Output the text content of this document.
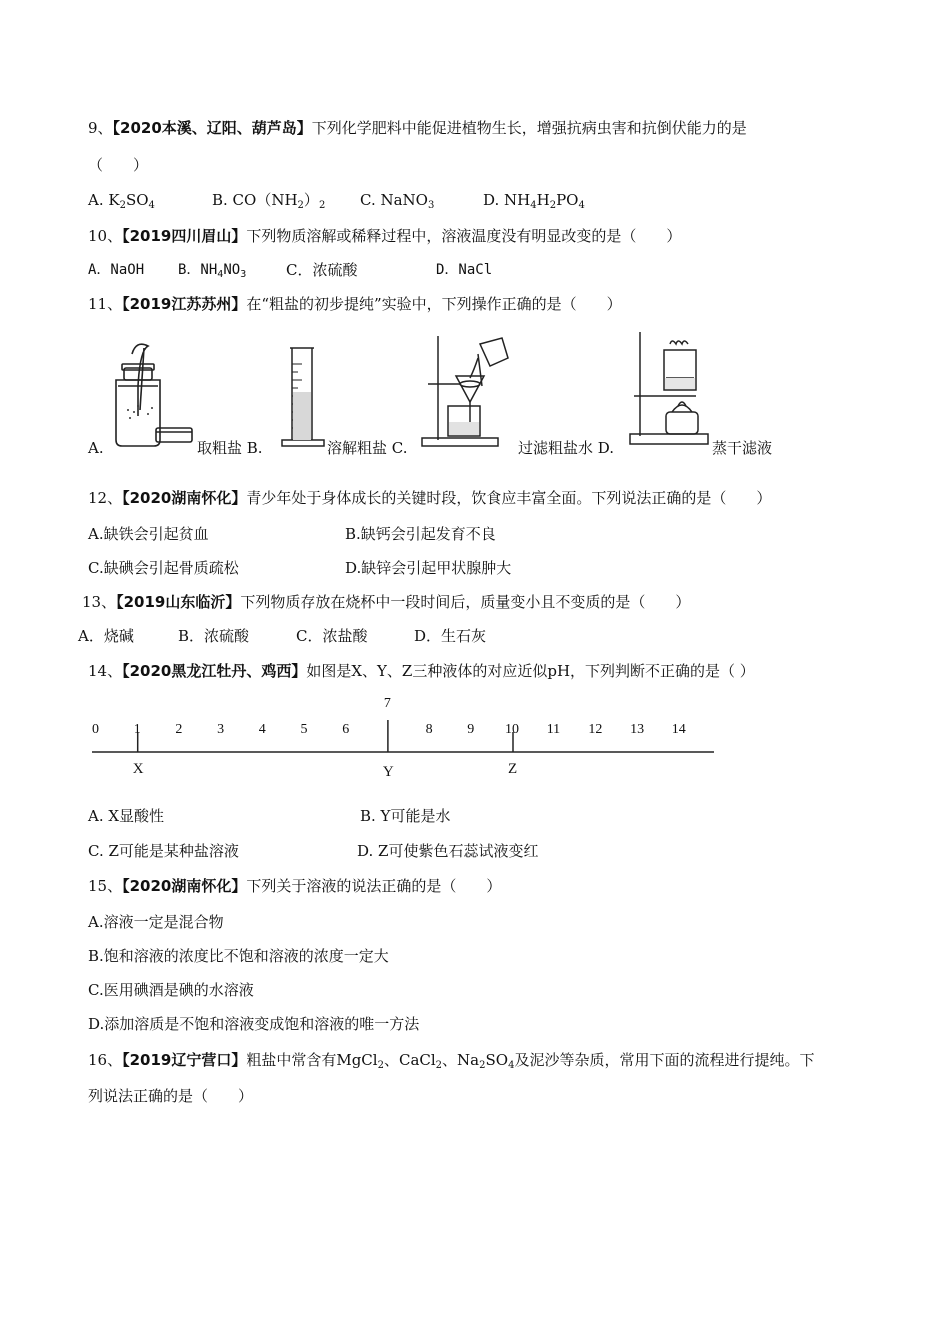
9、【2020本溪、辽阳、葫芦岛】下列化学肥料中能促进植物生长，增强抗病虫害和抗倒伏能力的是
（　　）
A. $K_2SO_4$	B. $CO(NH_2)_2$ C. NaNO$_3$	D. $NH_4H_2PO_4$
10、【2019四川眉山】下列物质溶解或稀释过程中，溶液温度没有明显改变的是（　　）
A．NaOH B．$NH_4NO_3$	C．浓硫酸	D．NaCl
11、【2019江苏苏州】在“粗盐的初步提纯”实验中，下列操作正确的是（　　）
A.	取粗盐 B.	溶解粗盐 C.	过滤粗盐水 D.	蒸干滤液
12、【2020湖南怀化】青少年处于身体成长的关键时段，饮食应丰富全面。下列说法正确的是（　　）
A.缺铁会引起贫血	B.缺钙会引起发育不良
C.缺碘会引起骨质疏松	D.缺锌会引起甲状腺肿大
13、【2019山东临沂】下列物质存放在烧杯中一段时间后，质量变小且不变质的是（　　）
A．烧碱	B．浓硫酸	C．浓盐酸	D．生石灰
14、【2020黑龙江牡丹、鸡西】如图是X、Y、Z三种液体的对应近似pH，下列判断不正确的是（ ）
0 1 2 3 4 5 6
7
8 9 10 11 12 13 14
X	Y	Z
A. X显酸性	B. Y可能是水
C. Z可能是某种盐溶液	D. Z可使紫色石蕊试液变红
15、【2020湖南怀化】下列关于溶液的说法正确的是（　　）
A.溶液一定是混合物
B.饱和溶液的浓度比不饱和溶液的浓度一定大
C.医用碘酒是碘的水溶液
D.添加溶质是不饱和溶液变成饱和溶液的唯一方法
16、【2019辽宁营口】粗盐中常含有MgCl$_2$、CaCl$_2$、$Na_2SO_4$及泥沙等杂质，常用下面的流程进行提纯。下
列说法正确的是（　　）
